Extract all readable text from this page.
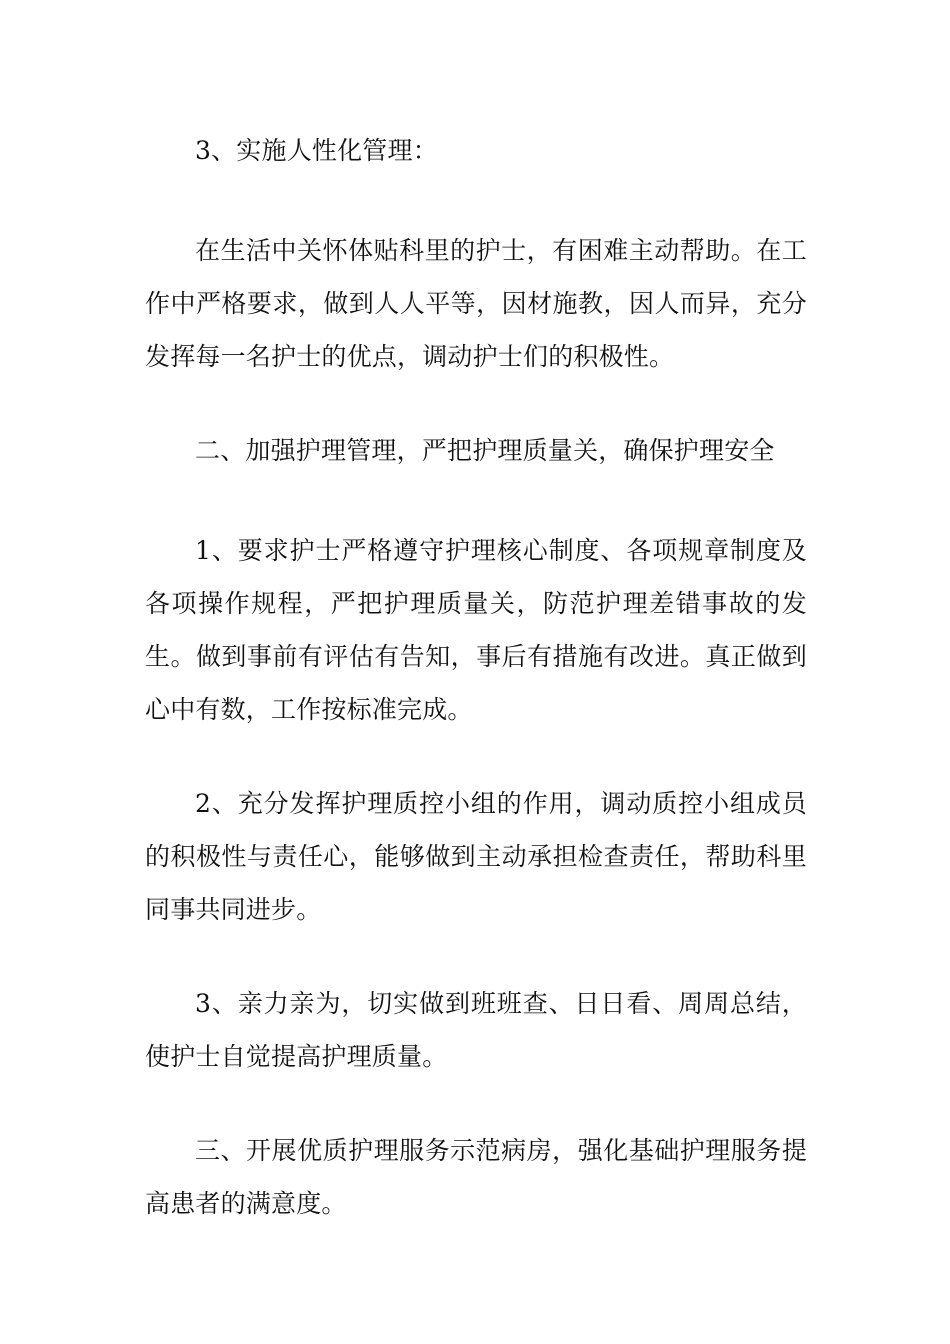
3、实施人性化管理：

在生活中关怀体贴科里的护士，有困难主动帮助。在工作中严格要求，做到人人平等，因材施教，因人而异，充分发挥每一名护士的优点，调动护士们的积极性。

二、加强护理管理，严把护理质量关，确保护理安全

1、要求护士严格遵守护理核心制度、各项规章制度及各项操作规程，严把护理质量关，防范护理差错事故的发生。做到事前有评估有告知，事后有措施有改进。真正做到心中有数，工作按标准完成。

2、充分发挥护理质控小组的作用，调动质控小组成员的积极性与责任心，能够做到主动承担检查责任，帮助科里同事共同进步。

3、亲力亲为，切实做到班班查、日日看、周周总结，使护士自觉提高护理质量。

三、开展优质护理服务示范病房，强化基础护理服务提高患者的满意度。
